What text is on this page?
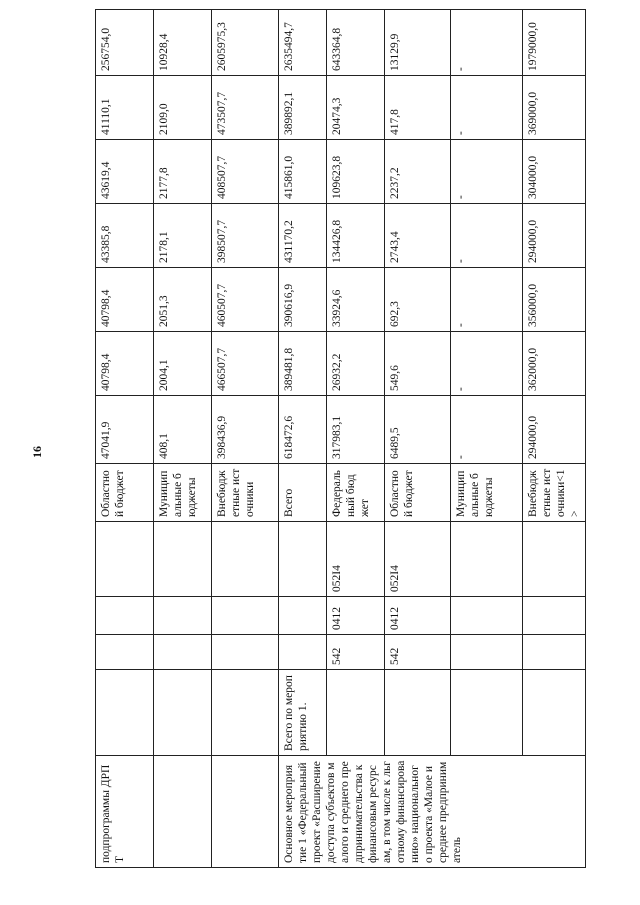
16
подпрограммы ДРПТ					Областной бюджет	47041,9	40798,4	40798,4	43385,8	43619,4	41110,1	256754,0
					Муниципальные бюджеты	408,1	2004,1	2051,3	2178,1	2177,8	2109,0	10928,4
					Внебюджетные источники	398436,9	466507,7	460507,7	398507,7	408507,7	473507,7	2605975,3
Основное мероприятие 1 «Федеральный проект «Расширение доступа субъектов малого и среднего предпринимательства к финансовым ресурсам, в том числе к льготному финансированию» национального проекта «Малое и среднее предприниматель	Всего по мероприятию 1.				Всего	618472,6	389481,8	390616,9	431170,2	415861,0	389892,1	2635494,7
		542	0412	052I4	Федеральный бюджет	317983,1	26932,2	33924,6	134426,8	109623,8	20474,3	643364,8
		542	0412	052I4	Областной бюджет	6489,5	549,6	692,3	2743,4	2237,2	417,8	13129,9
					Муниципальные бюджеты	-	-	-	-	-	-	-
					Внебюджетные источники<1>	294000,0	362000,0	356000,0	294000,0	304000,0	369000,0	1979000,0
